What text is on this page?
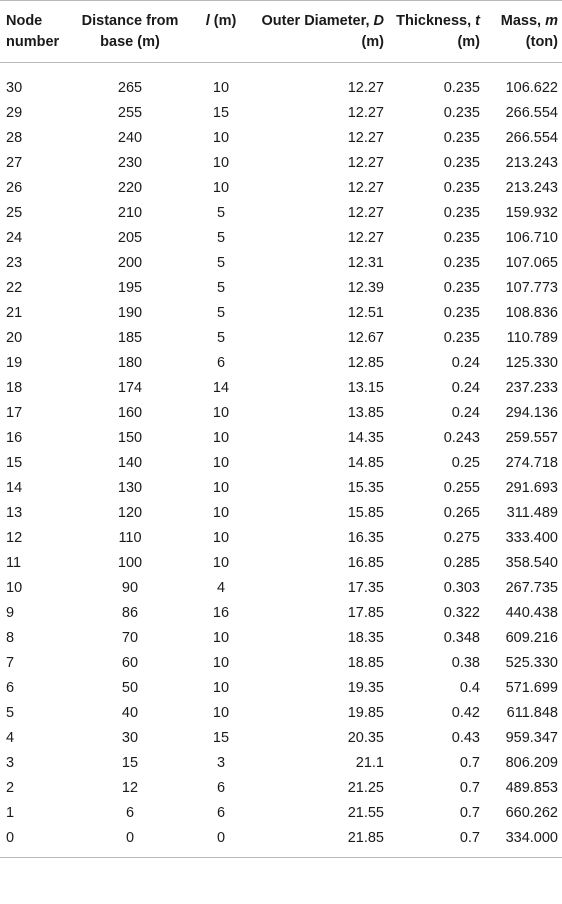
Node number	Distance from base (m)	l (m)	Outer Diameter, D (m)	Thickness, t (m)	Mass, m (ton)
30	265	10	12.27	0.235	106.622
29	255	15	12.27	0.235	266.554
28	240	10	12.27	0.235	266.554
27	230	10	12.27	0.235	213.243
26	220	10	12.27	0.235	213.243
25	210	5	12.27	0.235	159.932
24	205	5	12.27	0.235	106.710
23	200	5	12.31	0.235	107.065
22	195	5	12.39	0.235	107.773
21	190	5	12.51	0.235	108.836
20	185	5	12.67	0.235	110.789
19	180	6	12.85	0.24	125.330
18	174	14	13.15	0.24	237.233
17	160	10	13.85	0.24	294.136
16	150	10	14.35	0.243	259.557
15	140	10	14.85	0.25	274.718
14	130	10	15.35	0.255	291.693
13	120	10	15.85	0.265	311.489
12	110	10	16.35	0.275	333.400
11	100	10	16.85	0.285	358.540
10	90	4	17.35	0.303	267.735
9	86	16	17.85	0.322	440.438
8	70	10	18.35	0.348	609.216
7	60	10	18.85	0.38	525.330
6	50	10	19.35	0.4	571.699
5	40	10	19.85	0.42	611.848
4	30	15	20.35	0.43	959.347
3	15	3	21.1	0.7	806.209
2	12	6	21.25	0.7	489.853
1	6	6	21.55	0.7	660.262
0	0	0	21.85	0.7	334.000
